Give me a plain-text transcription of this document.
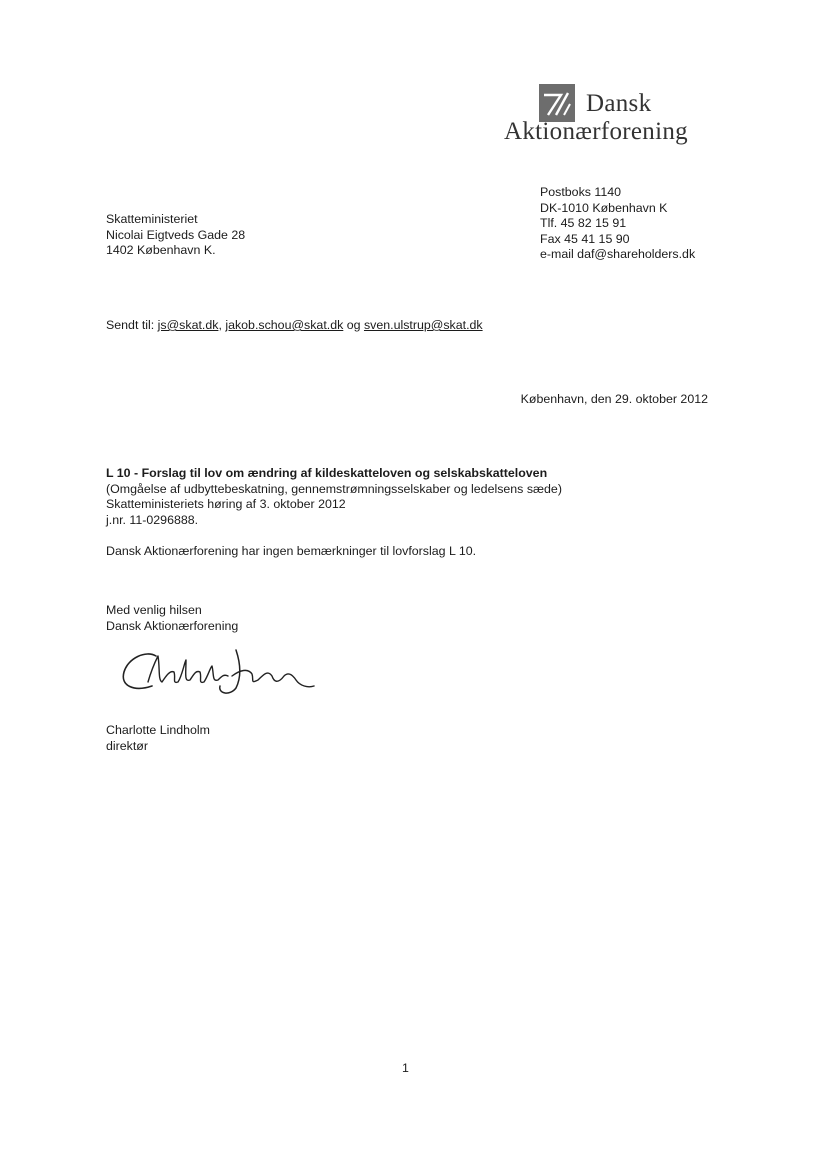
Dansk
Aktionærforening
Postboks 1140
DK-1010 København K
Tlf. 45 82 15 91
Fax 45 41 15 90
e-mail daf@shareholders.dk
Skatteministeriet
Nicolai Eigtveds Gade 28
1402 København K.
Sendt til: js@skat.dk, jakob.schou@skat.dk og sven.ulstrup@skat.dk
København, den 29. oktober 2012
L 10 - Forslag til lov om ændring af kildeskatteloven og selskabskatteloven
(Omgåelse af udbyttebeskatning, gennemstrømningsselskaber og ledelsens sæde)
Skatteministeriets høring af 3. oktober 2012
j.nr. 11-0296888.
Dansk Aktionærforening har ingen bemærkninger til lovforslag L 10.
Med venlig hilsen
Dansk Aktionærforening
Charlotte Lindholm
direktør
1
